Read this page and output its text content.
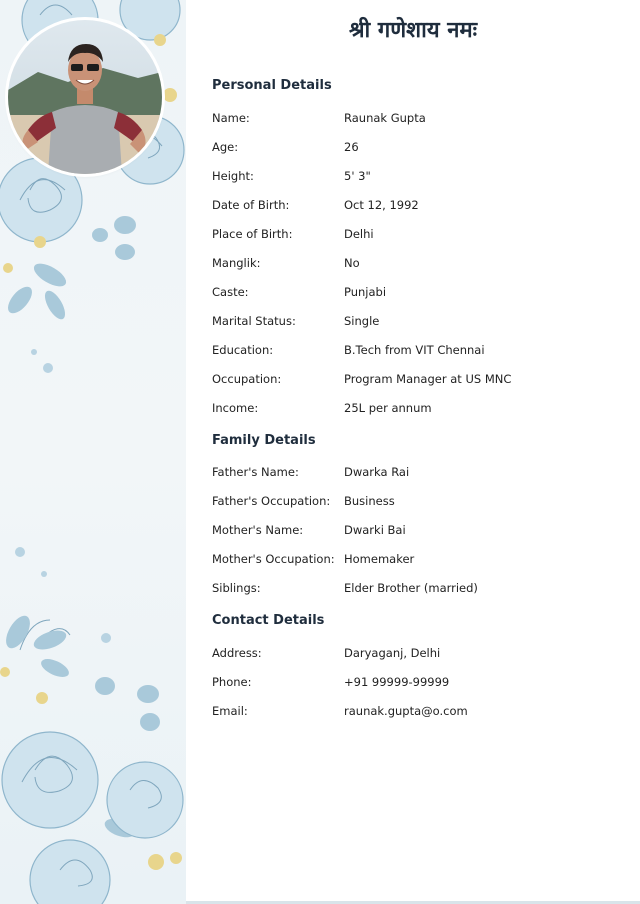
श्री गणेशाय नमः
Personal Details
Name:	Raunak Gupta
Age:	26
Height:	5' 3"
Date of Birth:	Oct 12, 1992
Place of Birth:	Delhi
Manglik:	No
Caste:	Punjabi
Marital Status:	Single
Education:	B.Tech from VIT Chennai
Occupation:	Program Manager at US MNC
Income:	25L per annum
Family Details
Father's Name:	Dwarka Rai
Father's Occupation: Business
Mother's Name:	Dwarki Bai
Mother's Occupation: Homemaker
Siblings:	Elder Brother (married)
Contact Details
Address:	Daryaganj, Delhi
Phone:	+91 99999-99999
Email:	raunak.gupta@o.com
